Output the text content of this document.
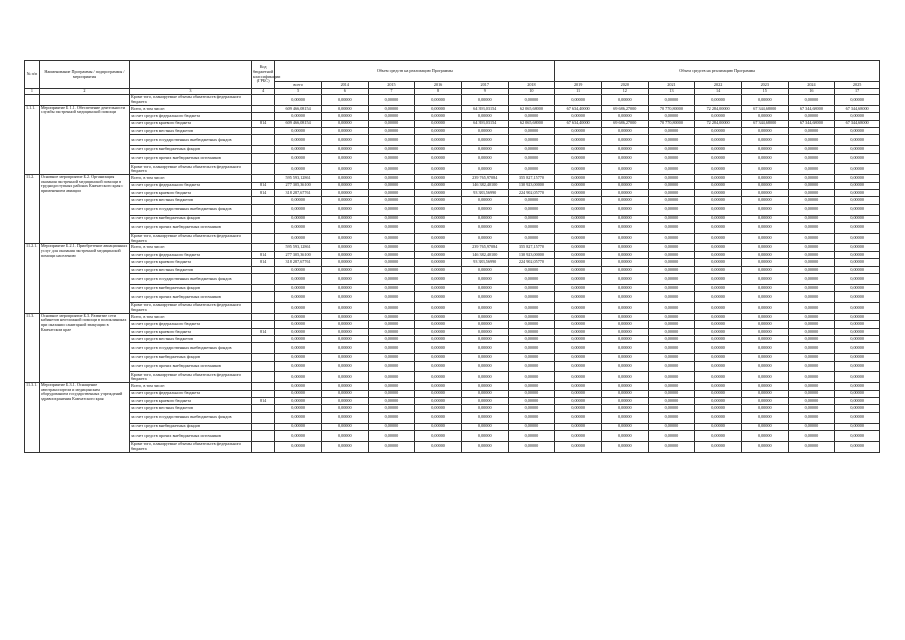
№ п/п	Наименование Программы / подпрограммы / мероприятия		Код бюджетной классификации (ГРБС)	Объем средств на реализацию Программы						Объем средств на реализацию Программы						
				всего	2014	2015	2016	2017	2018	2019	2020	2021	2022	2023	2024	2025
1	2	3	4	5	6	7	8	9	10	11	12	13	14	15	16	17
		Кроме того, планируемые объемы обязательств федерального бюджета		0,00000	0,00000	0,00000	0,00000	0,00000	0,00000	0,00000	0,00000	0,00000	0,00000	0,00000	0,00000	0,00000
1.1.1.	Мероприятие Б 1.1. Обеспечение деятельности службы экстренной медицинской помощи	Всего, в том числе:		609 466,08154	0,00000	0,00000	0,00000	64 393,03154	62 065,68000	67 634,40000	69 686,27000	70 770,80000	72 284,00000	67 344,68000	67 344,68000	67 344,68000
		за счет средств федерального бюджета		0,00000	0,00000	0,00000	0,00000	0,00000	0,00000	0,00000	0,00000	0,00000	0,00000	0,00000	0,00000	0,00000
		за счет средств краевого бюджета	814	609 466,08154	0,00000	0,00000	0,00000	64 393,03154	62 065,68000	67 634,40000	69 686,27000	70 770,80000	72 284,00000	67 344,68000	67 344,68000	67 344,68000
		за счет средств местных бюджетов		0,00000	0,00000	0,00000	0,00000	0,00000	0,00000	0,00000	0,00000	0,00000	0,00000	0,00000	0,00000	0,00000
		за счет средств государственных внебюджетных фондов		0,00000	0,00000	0,00000	0,00000	0,00000	0,00000	0,00000	0,00000	0,00000	0,00000	0,00000	0,00000	0,00000
		за счет средств внебюджетных фондов		0,00000	0,00000	0,00000	0,00000	0,00000	0,00000	0,00000	0,00000	0,00000	0,00000	0,00000	0,00000	0,00000
		за счет средств прочих внебюджетных источников		0,00000	0,00000	0,00000	0,00000	0,00000	0,00000	0,00000	0,00000	0,00000	0,00000	0,00000	0,00000	0,00000
		Кроме того, планируемые объемы обязательств федерального бюджета		0,00000	0,00000	0,00000	0,00000	0,00000	0,00000	0,00000	0,00000	0,00000	0,00000	0,00000	0,00000	0,00000
11.2.	Основное мероприятие Б.2. Организация оказания экстренной медицинской помощи в труднодоступных районах Камчатского края с применением авиации	Всего, в том числе:		595 593,12861	0,00000	0,00000	0,00000	239 765,97084	355 827,15770	0,00000	0,00000	0,00000	0,00000	0,00000	0,00000	0,00000
		за счет средств федерального бюджета	814	277 305,36100	0,00000	0,00000	0,00000	146 382,40100	130 923,00000	0,00000	0,00000	0,00000	0,00000	0,00000	0,00000	0,00000
		за счет средств краевого бюджета	814	318 287,67761	0,00000	0,00000	0,00000	93 383,56990	224 902,05770	0,00000	0,00000	0,00000	0,00000	0,00000	0,00000	0,00000
		за счет средств местных бюджетов		0,00000	0,00000	0,00000	0,00000	0,00000	0,00000	0,00000	0,00000	0,00000	0,00000	0,00000	0,00000	0,00000
		за счет средств государственных внебюджетных фондов		0,00000	0,00000	0,00000	0,00000	0,00000	0,00000	0,00000	0,00000	0,00000	0,00000	0,00000	0,00000	0,00000
		за счет средств внебюджетных фондов		0,00000	0,00000	0,00000	0,00000	0,00000	0,00000	0,00000	0,00000	0,00000	0,00000	0,00000	0,00000	0,00000
		за счет средств прочих внебюджетных источников		0,00000	0,00000	0,00000	0,00000	0,00000	0,00000	0,00000	0,00000	0,00000	0,00000	0,00000	0,00000	0,00000
		Кроме того, планируемые объемы обязательств федерального бюджета		0,00000	0,00000	0,00000	0,00000	0,00000	0,00000	0,00000	0,00000	0,00000	0,00000	0,00000	0,00000	0,00000
11.2.1.	Мероприятие Б.2.1. Приобретение авиационных услуг для оказания экстренной медицинской помощи населению	Всего, в том числе:		595 593,12861	0,00000	0,00000	0,00000	239 765,97084	355 827,15770	0,00000	0,00000	0,00000	0,00000	0,00000	0,00000	0,00000
		за счет средств федерального бюджета	814	277 305,36100	0,00000	0,00000	0,00000	146 382,40100	130 923,00000	0,00000	0,00000	0,00000	0,00000	0,00000	0,00000	0,00000
		за счет средств краевого бюджета	814	318 287,67761	0,00000	0,00000	0,00000	93 383,56990	224 902,05770	0,00000	0,00000	0,00000	0,00000	0,00000	0,00000	0,00000
		за счет средств местных бюджетов		0,00000	0,00000	0,00000	0,00000	0,00000	0,00000	0,00000	0,00000	0,00000	0,00000	0,00000	0,00000	0,00000
		за счет средств государственных внебюджетных фондов		0,00000	0,00000	0,00000	0,00000	0,00000	0,00000	0,00000	0,00000	0,00000	0,00000	0,00000	0,00000	0,00000
		за счет средств внебюджетных фондов		0,00000	0,00000	0,00000	0,00000	0,00000	0,00000	0,00000	0,00000	0,00000	0,00000	0,00000	0,00000	0,00000
		за счет средств прочих внебюджетных источников		0,00000	0,00000	0,00000	0,00000	0,00000	0,00000	0,00000	0,00000	0,00000	0,00000	0,00000	0,00000	0,00000
		Кроме того, планируемые объемы обязательств федерального бюджета		0,00000	0,00000	0,00000	0,00000	0,00000	0,00000	0,00000	0,00000	0,00000	0,00000	0,00000	0,00000	0,00000
11.3.	Основное мероприятие Б.3. Развитие сети кабинетов неотложной помощи в поликлиниках при оказании санитарной эвакуации в Камчатском крае	Всего, в том числе:		0,00000	0,00000	0,00000	0,00000	0,00000	0,00000	0,00000	0,00000	0,00000	0,00000	0,00000	0,00000	0,00000
		за счет средств федерального бюджета		0,00000	0,00000	0,00000	0,00000	0,00000	0,00000	0,00000	0,00000	0,00000	0,00000	0,00000	0,00000	0,00000
		за счет средств краевого бюджета	814	0,00000	0,00000	0,00000	0,00000	0,00000	0,00000	0,00000	0,00000	0,00000	0,00000	0,00000	0,00000	0,00000
		за счет средств местных бюджетов		0,00000	0,00000	0,00000	0,00000	0,00000	0,00000	0,00000	0,00000	0,00000	0,00000	0,00000	0,00000	0,00000
		за счет средств государственных внебюджетных фондов		0,00000	0,00000	0,00000	0,00000	0,00000	0,00000	0,00000	0,00000	0,00000	0,00000	0,00000	0,00000	0,00000
		за счет средств внебюджетных фондов		0,00000	0,00000	0,00000	0,00000	0,00000	0,00000	0,00000	0,00000	0,00000	0,00000	0,00000	0,00000	0,00000
		за счет средств прочих внебюджетных источников		0,00000	0,00000	0,00000	0,00000	0,00000	0,00000	0,00000	0,00000	0,00000	0,00000	0,00000	0,00000	0,00000
		Кроме того, планируемые объемы обязательств федерального бюджета		0,00000	0,00000	0,00000	0,00000	0,00000	0,00000	0,00000	0,00000	0,00000	0,00000	0,00000	0,00000	0,00000
11.3.1.	Мероприятие Б.3.1. Оснащение автотранспортом и медицинским оборудованием государственных учреждений здравоохранения Камчатского края	Всего, в том числе:		0,00000	0,00000	0,00000	0,00000	0,00000	0,00000	0,00000	0,00000	0,00000	0,00000	0,00000	0,00000	0,00000
		за счет средств федерального бюджета		0,00000	0,00000	0,00000	0,00000	0,00000	0,00000	0,00000	0,00000	0,00000	0,00000	0,00000	0,00000	0,00000
		за счет средств краевого бюджета	814	0,00000	0,00000	0,00000	0,00000	0,00000	0,00000	0,00000	0,00000	0,00000	0,00000	0,00000	0,00000	0,00000
		за счет средств местных бюджетов		0,00000	0,00000	0,00000	0,00000	0,00000	0,00000	0,00000	0,00000	0,00000	0,00000	0,00000	0,00000	0,00000
		за счет средств государственных внебюджетных фондов		0,00000	0,00000	0,00000	0,00000	0,00000	0,00000	0,00000	0,00000	0,00000	0,00000	0,00000	0,00000	0,00000
		за счет средств внебюджетных фондов		0,00000	0,00000	0,00000	0,00000	0,00000	0,00000	0,00000	0,00000	0,00000	0,00000	0,00000	0,00000	0,00000
		за счет средств прочих внебюджетных источников		0,00000	0,00000	0,00000	0,00000	0,00000	0,00000	0,00000	0,00000	0,00000	0,00000	0,00000	0,00000	0,00000
		Кроме того, планируемые объемы обязательств федерального бюджета		0,00000	0,00000	0,00000	0,00000	0,00000	0,00000	0,00000	0,00000	0,00000	0,00000	0,00000	0,00000	0,00000
